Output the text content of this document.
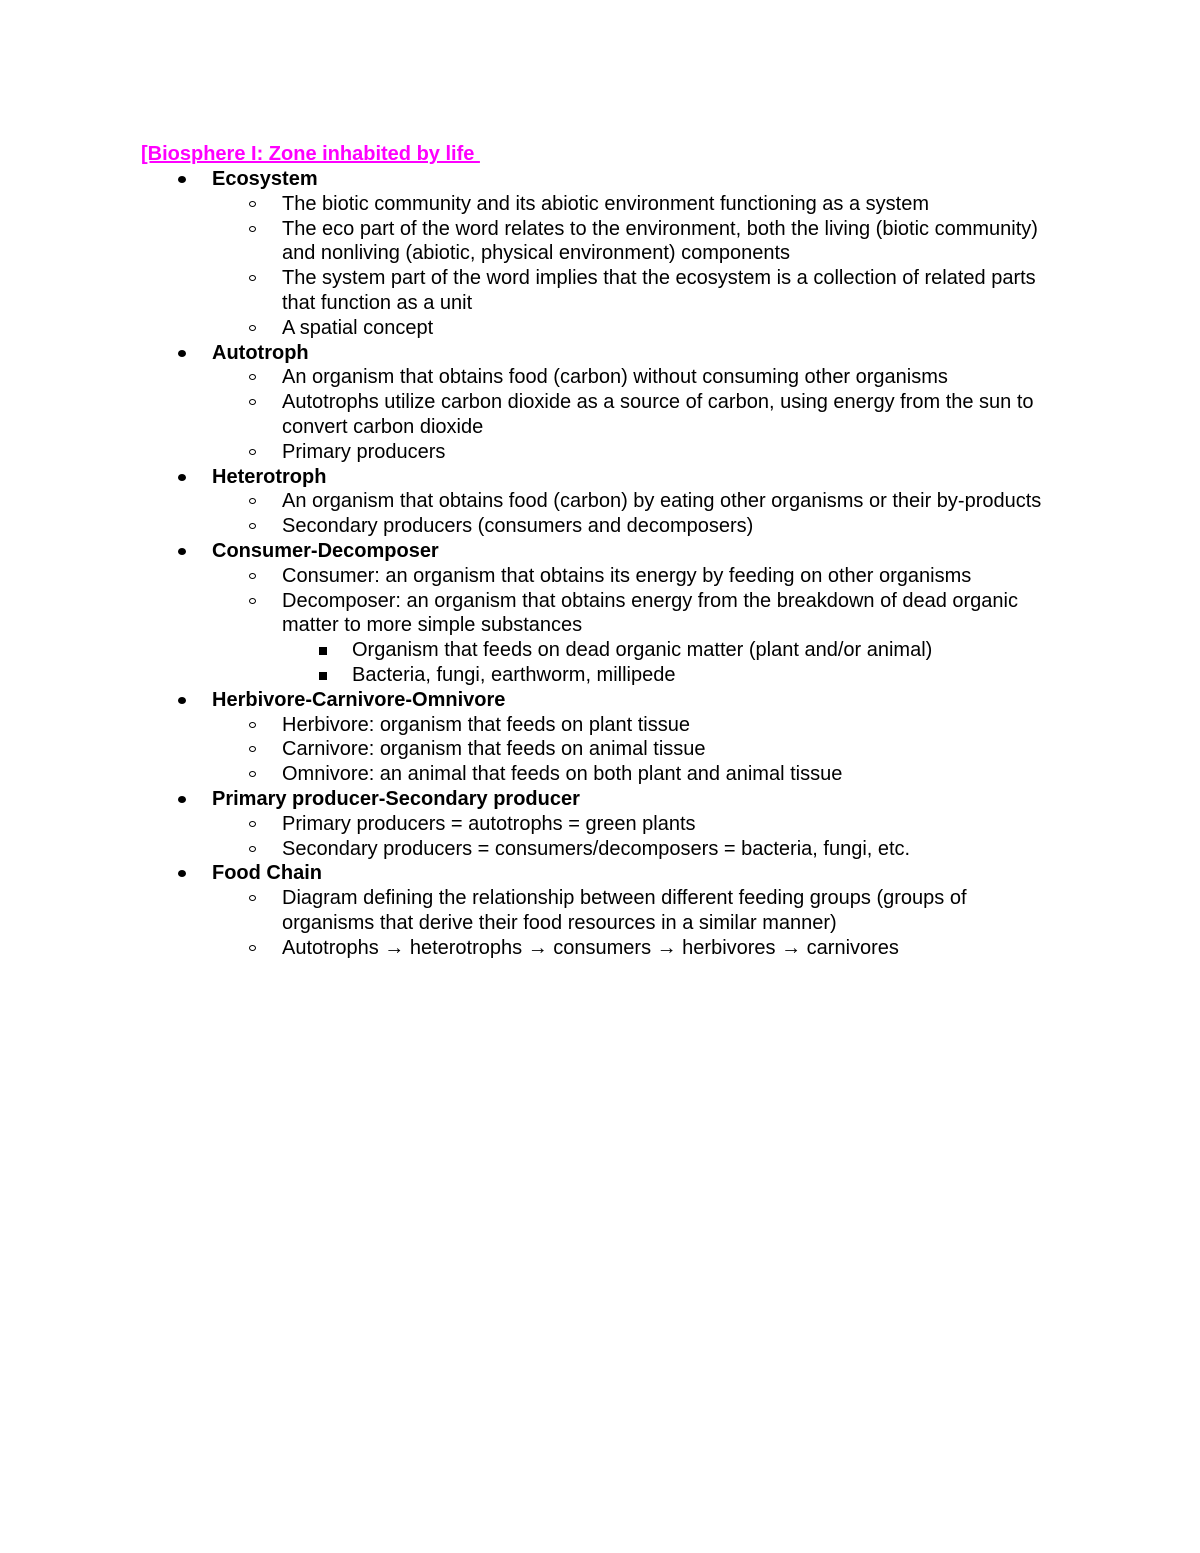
[Biosphere I: Zone inhabited by life
Ecosystem
The biotic community and its abiotic environment functioning as a system
The eco part of the word relates to the environment, both the living (biotic community) and nonliving (abiotic, physical environment) components
The system part of the word implies that the ecosystem is a collection of related parts that function as a unit
A spatial concept
Autotroph
An organism that obtains food (carbon) without consuming other organisms
Autotrophs utilize carbon dioxide as a source of carbon, using energy from the sun to convert carbon dioxide
Primary producers
Heterotroph
An organism that obtains food (carbon) by eating other organisms or their by-products
Secondary producers (consumers and decomposers)
Consumer-Decomposer
Consumer: an organism that obtains its energy by feeding on other organisms
Decomposer: an organism that obtains energy from the breakdown of dead organic matter to more simple substances
Organism that feeds on dead organic matter (plant and/or animal)
Bacteria, fungi, earthworm, millipede
Herbivore-Carnivore-Omnivore
Herbivore: organism that feeds on plant tissue
Carnivore: organism that feeds on animal tissue
Omnivore: an animal that feeds on both plant and animal tissue
Primary producer-Secondary producer
Primary producers = autotrophs = green plants
Secondary producers = consumers/decomposers = bacteria, fungi, etc.
Food Chain
Diagram defining the relationship between different feeding groups (groups of organisms that derive their food resources in a similar manner)
Autotrophs → heterotrophs → consumers → herbivores → carnivores
